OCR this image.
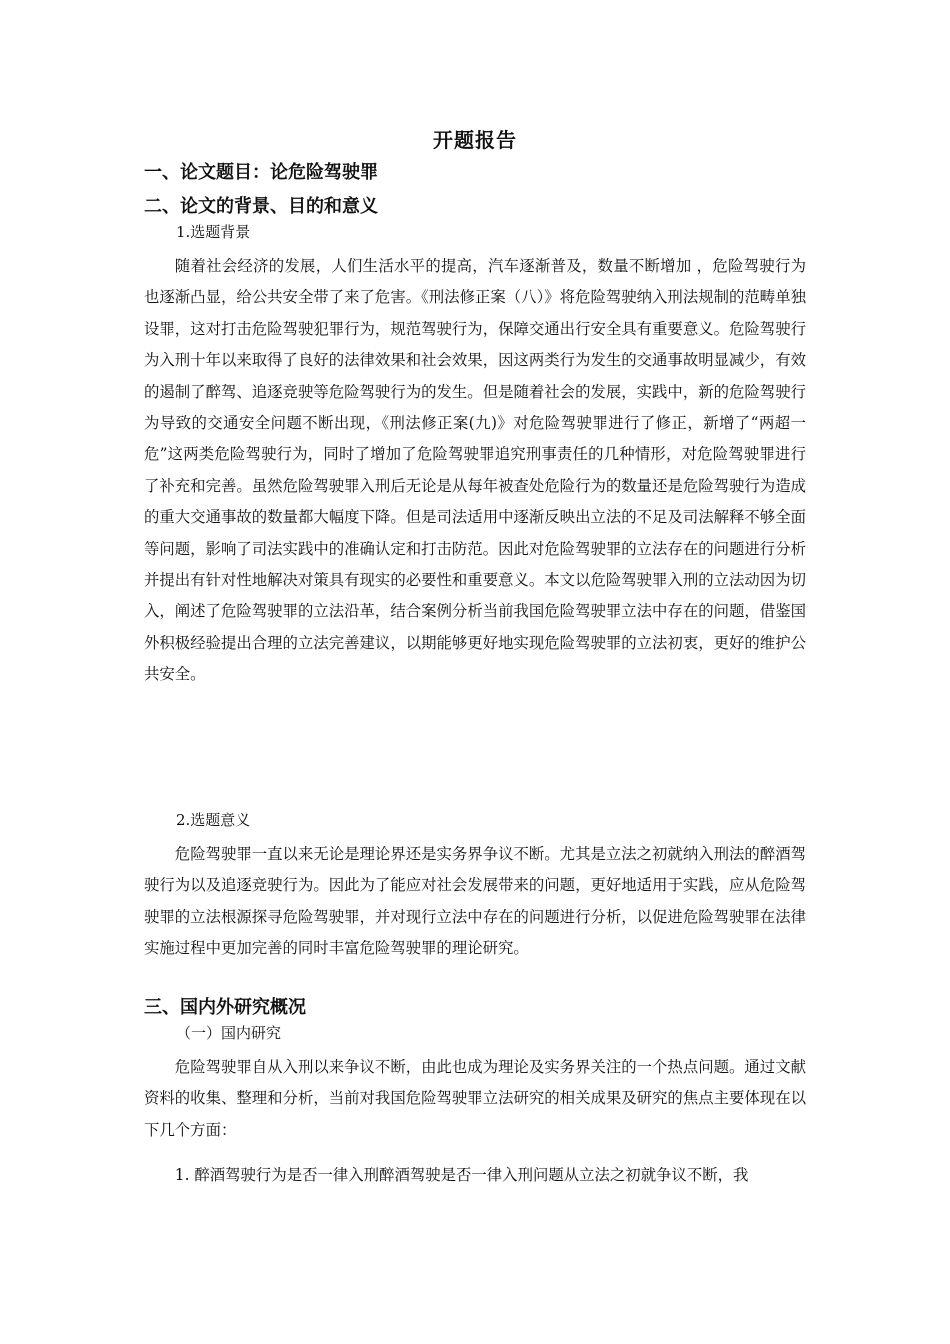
开题报告
一、论文题目：论危险驾驶罪
二、论文的背景、目的和意义
1.选题背景

随着社会经济的发展，人们生活水平的提高，汽车逐渐普及，数量不断增加 ，危险驾驶行为也逐渐凸显，给公共安全带了来了危害。《刑法修正案（八）》将危险驾驶纳入刑法规制的范畴单独设罪，这对打击危险驾驶犯罪行为，规范驾驶行为，保障交通出行安全具有重要意义。危险驾驶行为入刑十年以来取得了良好的法律效果和社会效果，因这两类行为发生的交通事故明显减少，有效的遏制了醉驾、追逐竞驶等危险驾驶行为的发生。但是随着社会的发展，实践中，新的危险驾驶行为导致的交通安全问题不断出现，《刑法修正案(九)》对危险驾驶罪进行了修正，新增了“两超一危”这两类危险驾驶行为，同时了增加了危险驾驶罪追究刑事责任的几种情形，对危险驾驶罪进行了补充和完善。虽然危险驾驶罪入刑后无论是从每年被查处危险行为的数量还是危险驾驶行为造成的重大交通事故的数量都大幅度下降。但是司法适用中逐渐反映出立法的不足及司法解释不够全面等问题，影响了司法实践中的准确认定和打击防范。因此对危险驾驶罪的立法存在的问题进行分析并提出有针对性地解决对策具有现实的必要性和重要意义。本文以危险驾驶罪入刑的立法动因为切入，阐述了危险驾驶罪的立法沿革，结合案例分析当前我国危险驾驶罪立法中存在的问题，借鉴国外积极经验提出合理的立法完善建议，以期能够更好地实现危险驾驶罪的立法初衷，更好的维护公共安全。

2.选题意义

危险驾驶罪一直以来无论是理论界还是实务界争议不断。尤其是立法之初就纳入刑法的醉酒驾驶行为以及追逐竞驶行为。因此为了能应对社会发展带来的问题，更好地适用于实践，应从危险驾驶罪的立法根源探寻危险驾驶罪，并对现行立法中存在的问题进行分析，以促进危险驾驶罪在法律实施过程中更加完善的同时丰富危险驾驶罪的理论研究。

三、国内外研究概况
（一）国内研究

危险驾驶罪自从入刑以来争议不断，由此也成为理论及实务界关注的一个热点问题。通过文献资料的收集、整理和分析，当前对我国危险驾驶罪立法研究的相关成果及研究的焦点主要体现在以下几个方面：

1. 醉酒驾驶行为是否一律入刑醉酒驾驶是否一律入刑问题从立法之初就争议不断，我
